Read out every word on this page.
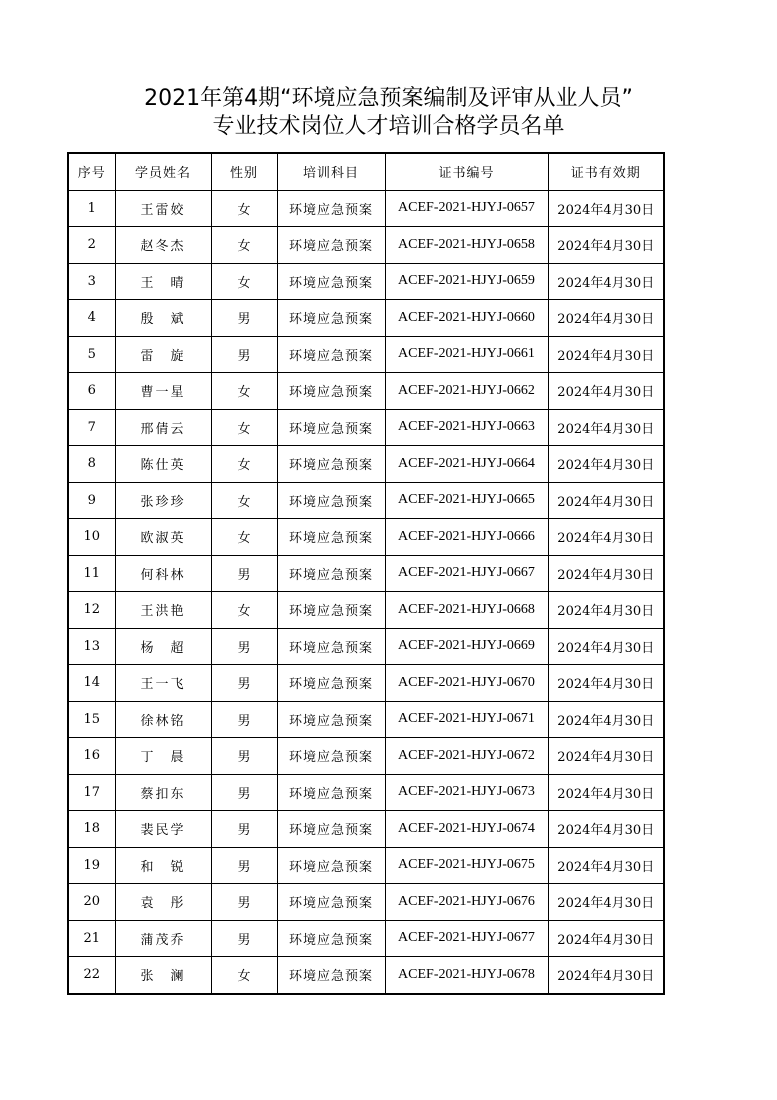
2021年第4期“环境应急预案编制及评审从业人员”
专业技术岗位人才培训合格学员名单
序号	学员姓名	性别	培训科目	证书编号	证书有效期
1	王雷姣	女	环境应急预案	ACEF-2021-HJYJ-0657	2024年4月30日
2	赵冬杰	女	环境应急预案	ACEF-2021-HJYJ-0658	2024年4月30日
3	王　晴	女	环境应急预案	ACEF-2021-HJYJ-0659	2024年4月30日
4	殷　斌	男	环境应急预案	ACEF-2021-HJYJ-0660	2024年4月30日
5	雷　旋	男	环境应急预案	ACEF-2021-HJYJ-0661	2024年4月30日
6	曹一星	女	环境应急预案	ACEF-2021-HJYJ-0662	2024年4月30日
7	邢倩云	女	环境应急预案	ACEF-2021-HJYJ-0663	2024年4月30日
8	陈仕英	女	环境应急预案	ACEF-2021-HJYJ-0664	2024年4月30日
9	张珍珍	女	环境应急预案	ACEF-2021-HJYJ-0665	2024年4月30日
10	欧淑英	女	环境应急预案	ACEF-2021-HJYJ-0666	2024年4月30日
11	何科林	男	环境应急预案	ACEF-2021-HJYJ-0667	2024年4月30日
12	王洪艳	女	环境应急预案	ACEF-2021-HJYJ-0668	2024年4月30日
13	杨　超	男	环境应急预案	ACEF-2021-HJYJ-0669	2024年4月30日
14	王一飞	男	环境应急预案	ACEF-2021-HJYJ-0670	2024年4月30日
15	徐林铭	男	环境应急预案	ACEF-2021-HJYJ-0671	2024年4月30日
16	丁　晨	男	环境应急预案	ACEF-2021-HJYJ-0672	2024年4月30日
17	蔡扣东	男	环境应急预案	ACEF-2021-HJYJ-0673	2024年4月30日
18	裴民学	男	环境应急预案	ACEF-2021-HJYJ-0674	2024年4月30日
19	和　锐	男	环境应急预案	ACEF-2021-HJYJ-0675	2024年4月30日
20	袁　彤	男	环境应急预案	ACEF-2021-HJYJ-0676	2024年4月30日
21	蒲茂乔	男	环境应急预案	ACEF-2021-HJYJ-0677	2024年4月30日
22	张　澜	女	环境应急预案	ACEF-2021-HJYJ-0678	2024年4月30日
